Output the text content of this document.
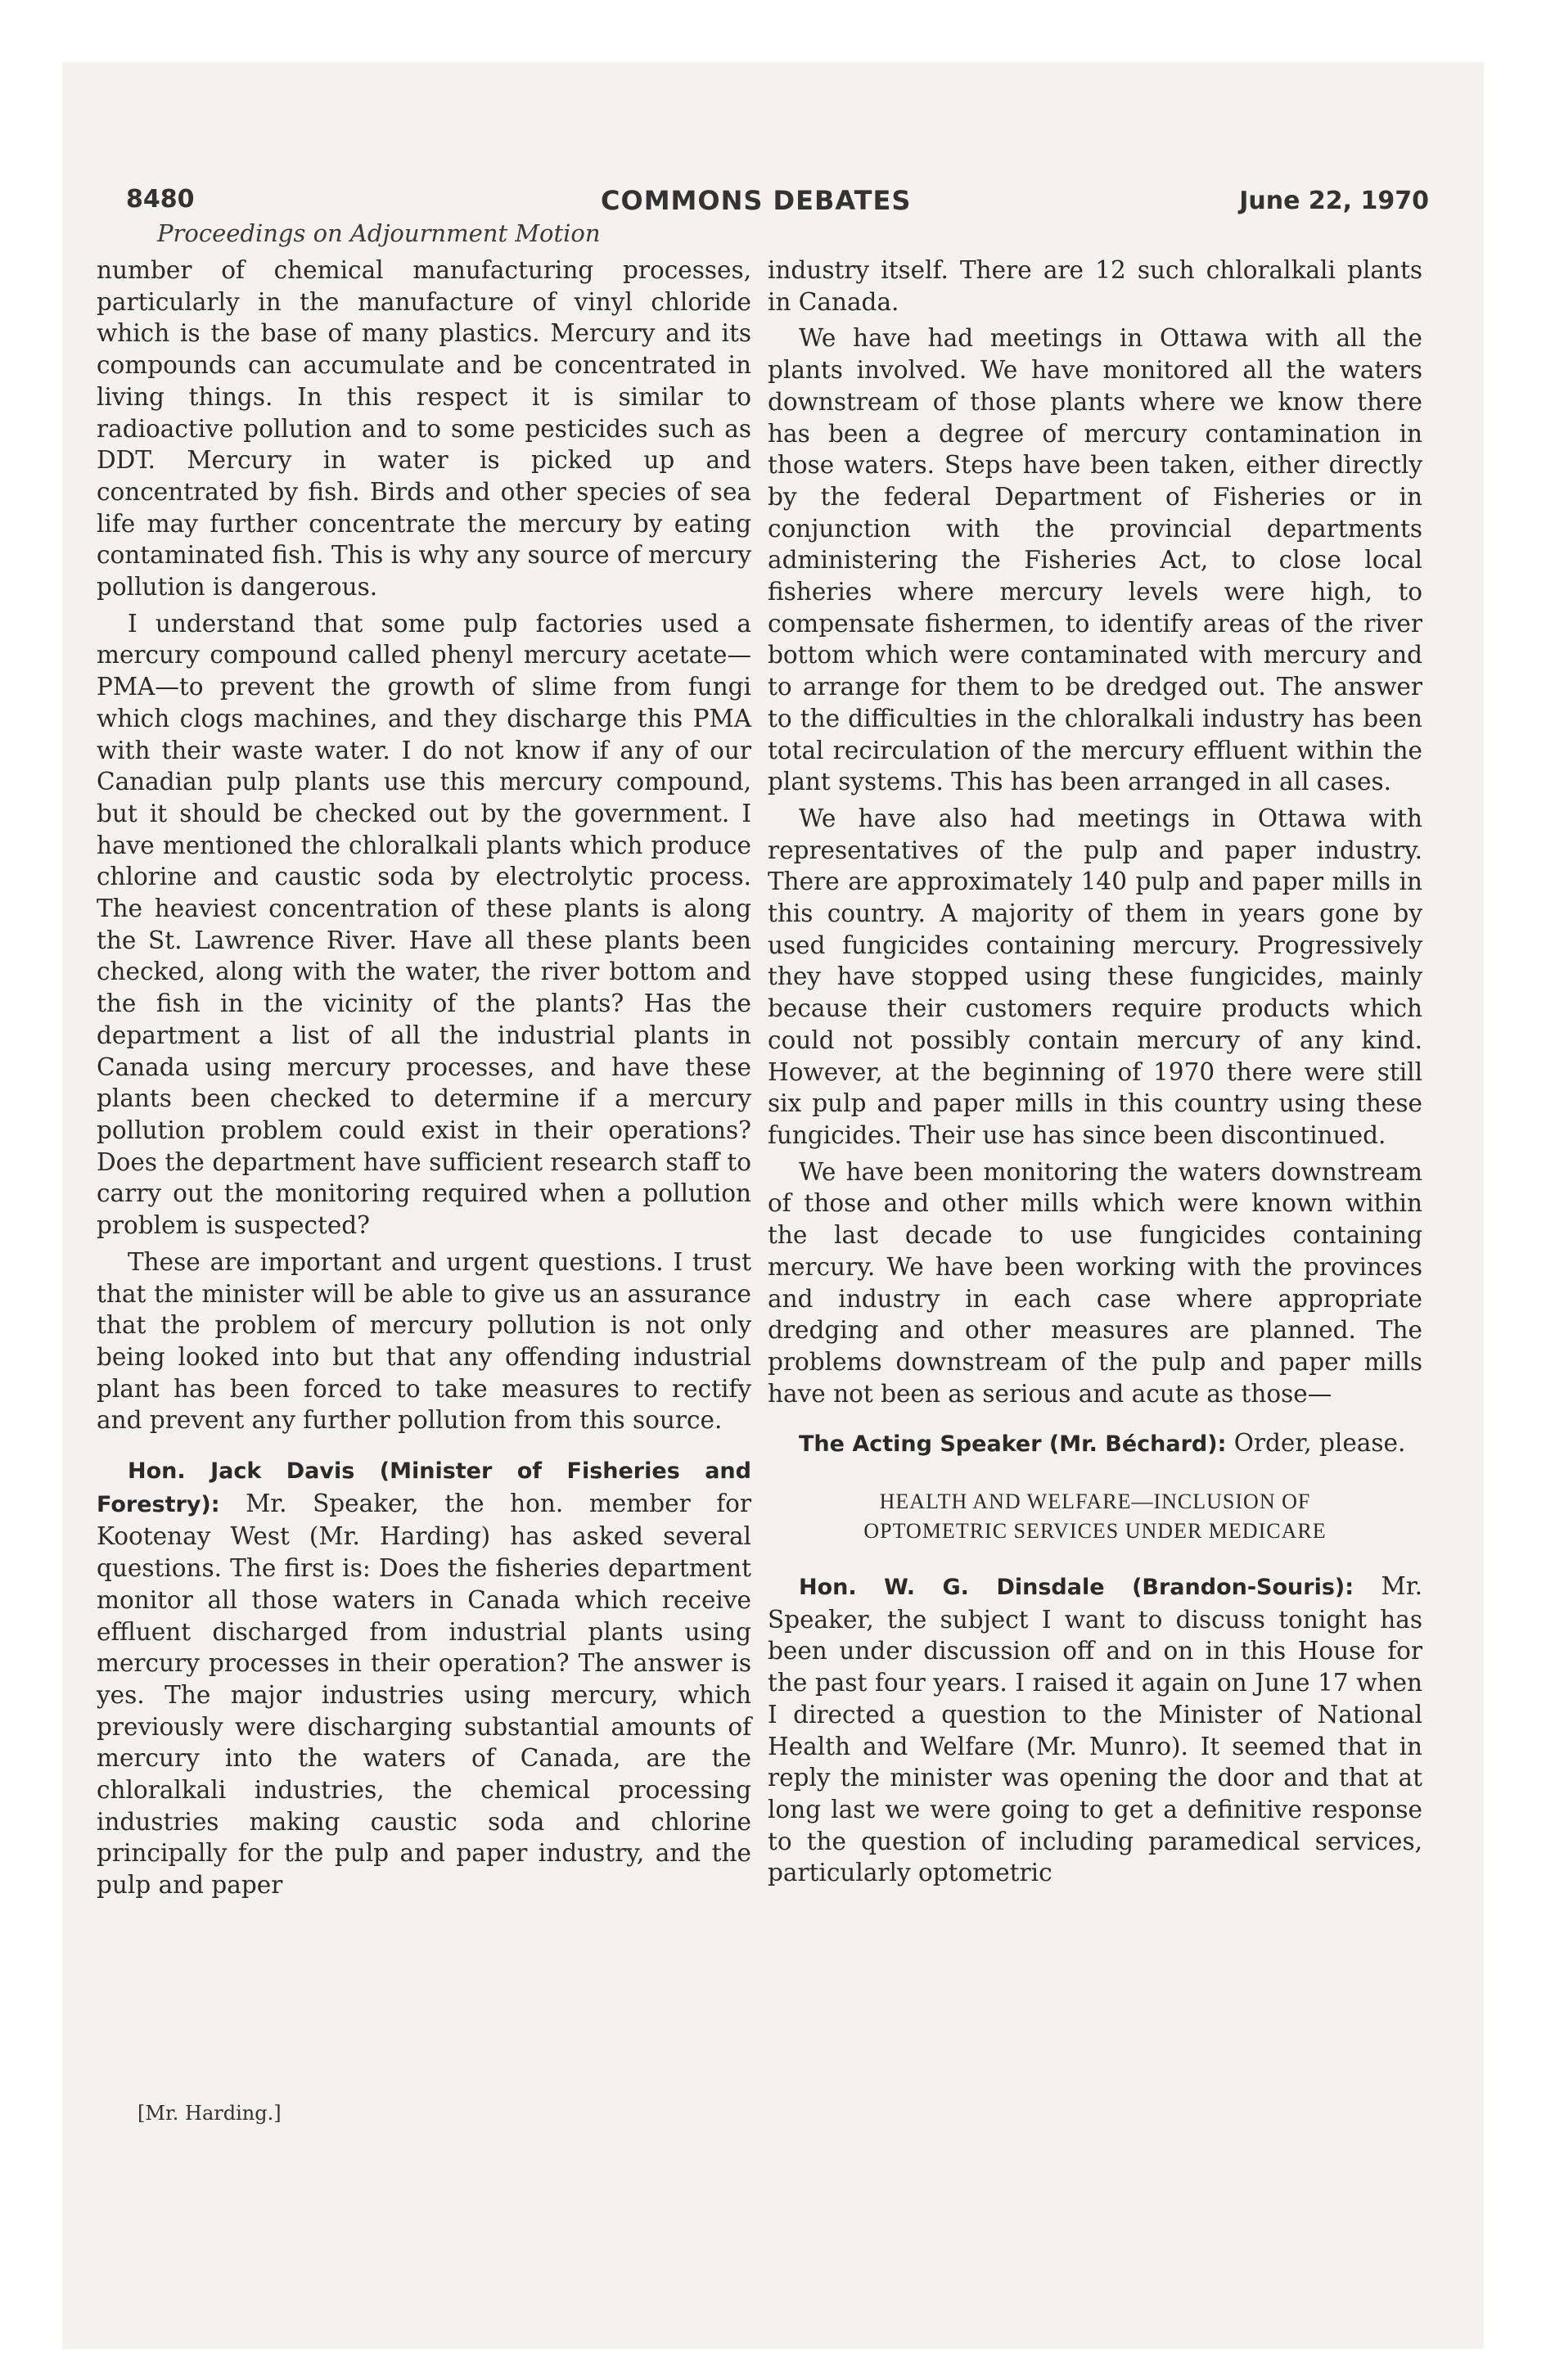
8480	COMMONS DEBATES	June 22, 1970
Proceedings on Adjournment Motion

number of chemical manufacturing processes, particularly in the manufacture of vinyl chloride which is the base of many plastics. Mercury and its compounds can accumulate and be concentrated in living things. In this respect it is similar to radioactive pollution and to some pesticides such as DDT. Mercury in water is picked up and concentrated by fish. Birds and other species of sea life may further concentrate the mercury by eating contaminated fish. This is why any source of mercury pollution is dangerous.

I understand that some pulp factories used a mercury compound called phenyl mercury acetate—PMA—to prevent the growth of slime from fungi which clogs machines, and they discharge this PMA with their waste water. I do not know if any of our Canadian pulp plants use this mercury compound, but it should be checked out by the government. I have mentioned the chloralkali plants which produce chlorine and caustic soda by electrolytic process. The heaviest concentration of these plants is along the St. Lawrence River. Have all these plants been checked, along with the water, the river bottom and the fish in the vicinity of the plants? Has the department a list of all the industrial plants in Canada using mercury processes, and have these plants been checked to determine if a mercury pollution problem could exist in their operations? Does the department have sufficient research staff to carry out the monitoring required when a pollution problem is suspected?

These are important and urgent questions. I trust that the minister will be able to give us an assurance that the problem of mercury pollution is not only being looked into but that any offending industrial plant has been forced to take measures to rectify and prevent any further pollution from this source.

Hon. Jack Davis (Minister of Fisheries and Forestry): Mr. Speaker, the hon. member for Kootenay West (Mr. Harding) has asked several questions. The first is: Does the fisheries department monitor all those waters in Canada which receive effluent discharged from industrial plants using mercury processes in their operation? The answer is yes. The major industries using mercury, which previously were discharging substantial amounts of mercury into the waters of Canada, are the chloralkali industries, the chemical processing industries making caustic soda and chlorine principally for the pulp and paper industry, and the pulp and paper

industry itself. There are 12 such chloralkali plants in Canada.

We have had meetings in Ottawa with all the plants involved. We have monitored all the waters downstream of those plants where we know there has been a degree of mercury contamination in those waters. Steps have been taken, either directly by the federal Department of Fisheries or in conjunction with the provincial departments administering the Fisheries Act, to close local fisheries where mercury levels were high, to compensate fishermen, to identify areas of the river bottom which were contaminated with mercury and to arrange for them to be dredged out. The answer to the difficulties in the chloralkali industry has been total recirculation of the mercury effluent within the plant systems. This has been arranged in all cases.

We have also had meetings in Ottawa with representatives of the pulp and paper industry. There are approximately 140 pulp and paper mills in this country. A majority of them in years gone by used fungicides containing mercury. Progressively they have stopped using these fungicides, mainly because their customers require products which could not possibly contain mercury of any kind. However, at the beginning of 1970 there were still six pulp and paper mills in this country using these fungicides. Their use has since been discontinued.

We have been monitoring the waters downstream of those and other mills which were known within the last decade to use fungicides containing mercury. We have been working with the provinces and industry in each case where appropriate dredging and other measures are planned. The problems downstream of the pulp and paper mills have not been as serious and acute as those—

The Acting Speaker (Mr. Béchard): Order, please.

HEALTH AND WELFARE—INCLUSION OF
OPTOMETRIC SERVICES UNDER MEDICARE

Hon. W. G. Dinsdale (Brandon-Souris): Mr. Speaker, the subject I want to discuss tonight has been under discussion off and on in this House for the past four years. I raised it again on June 17 when I directed a question to the Minister of National Health and Welfare (Mr. Munro). It seemed that in reply the minister was opening the door and that at long last we were going to get a definitive response to the question of including paramedical services, particularly optometric

[Mr. Harding.]
